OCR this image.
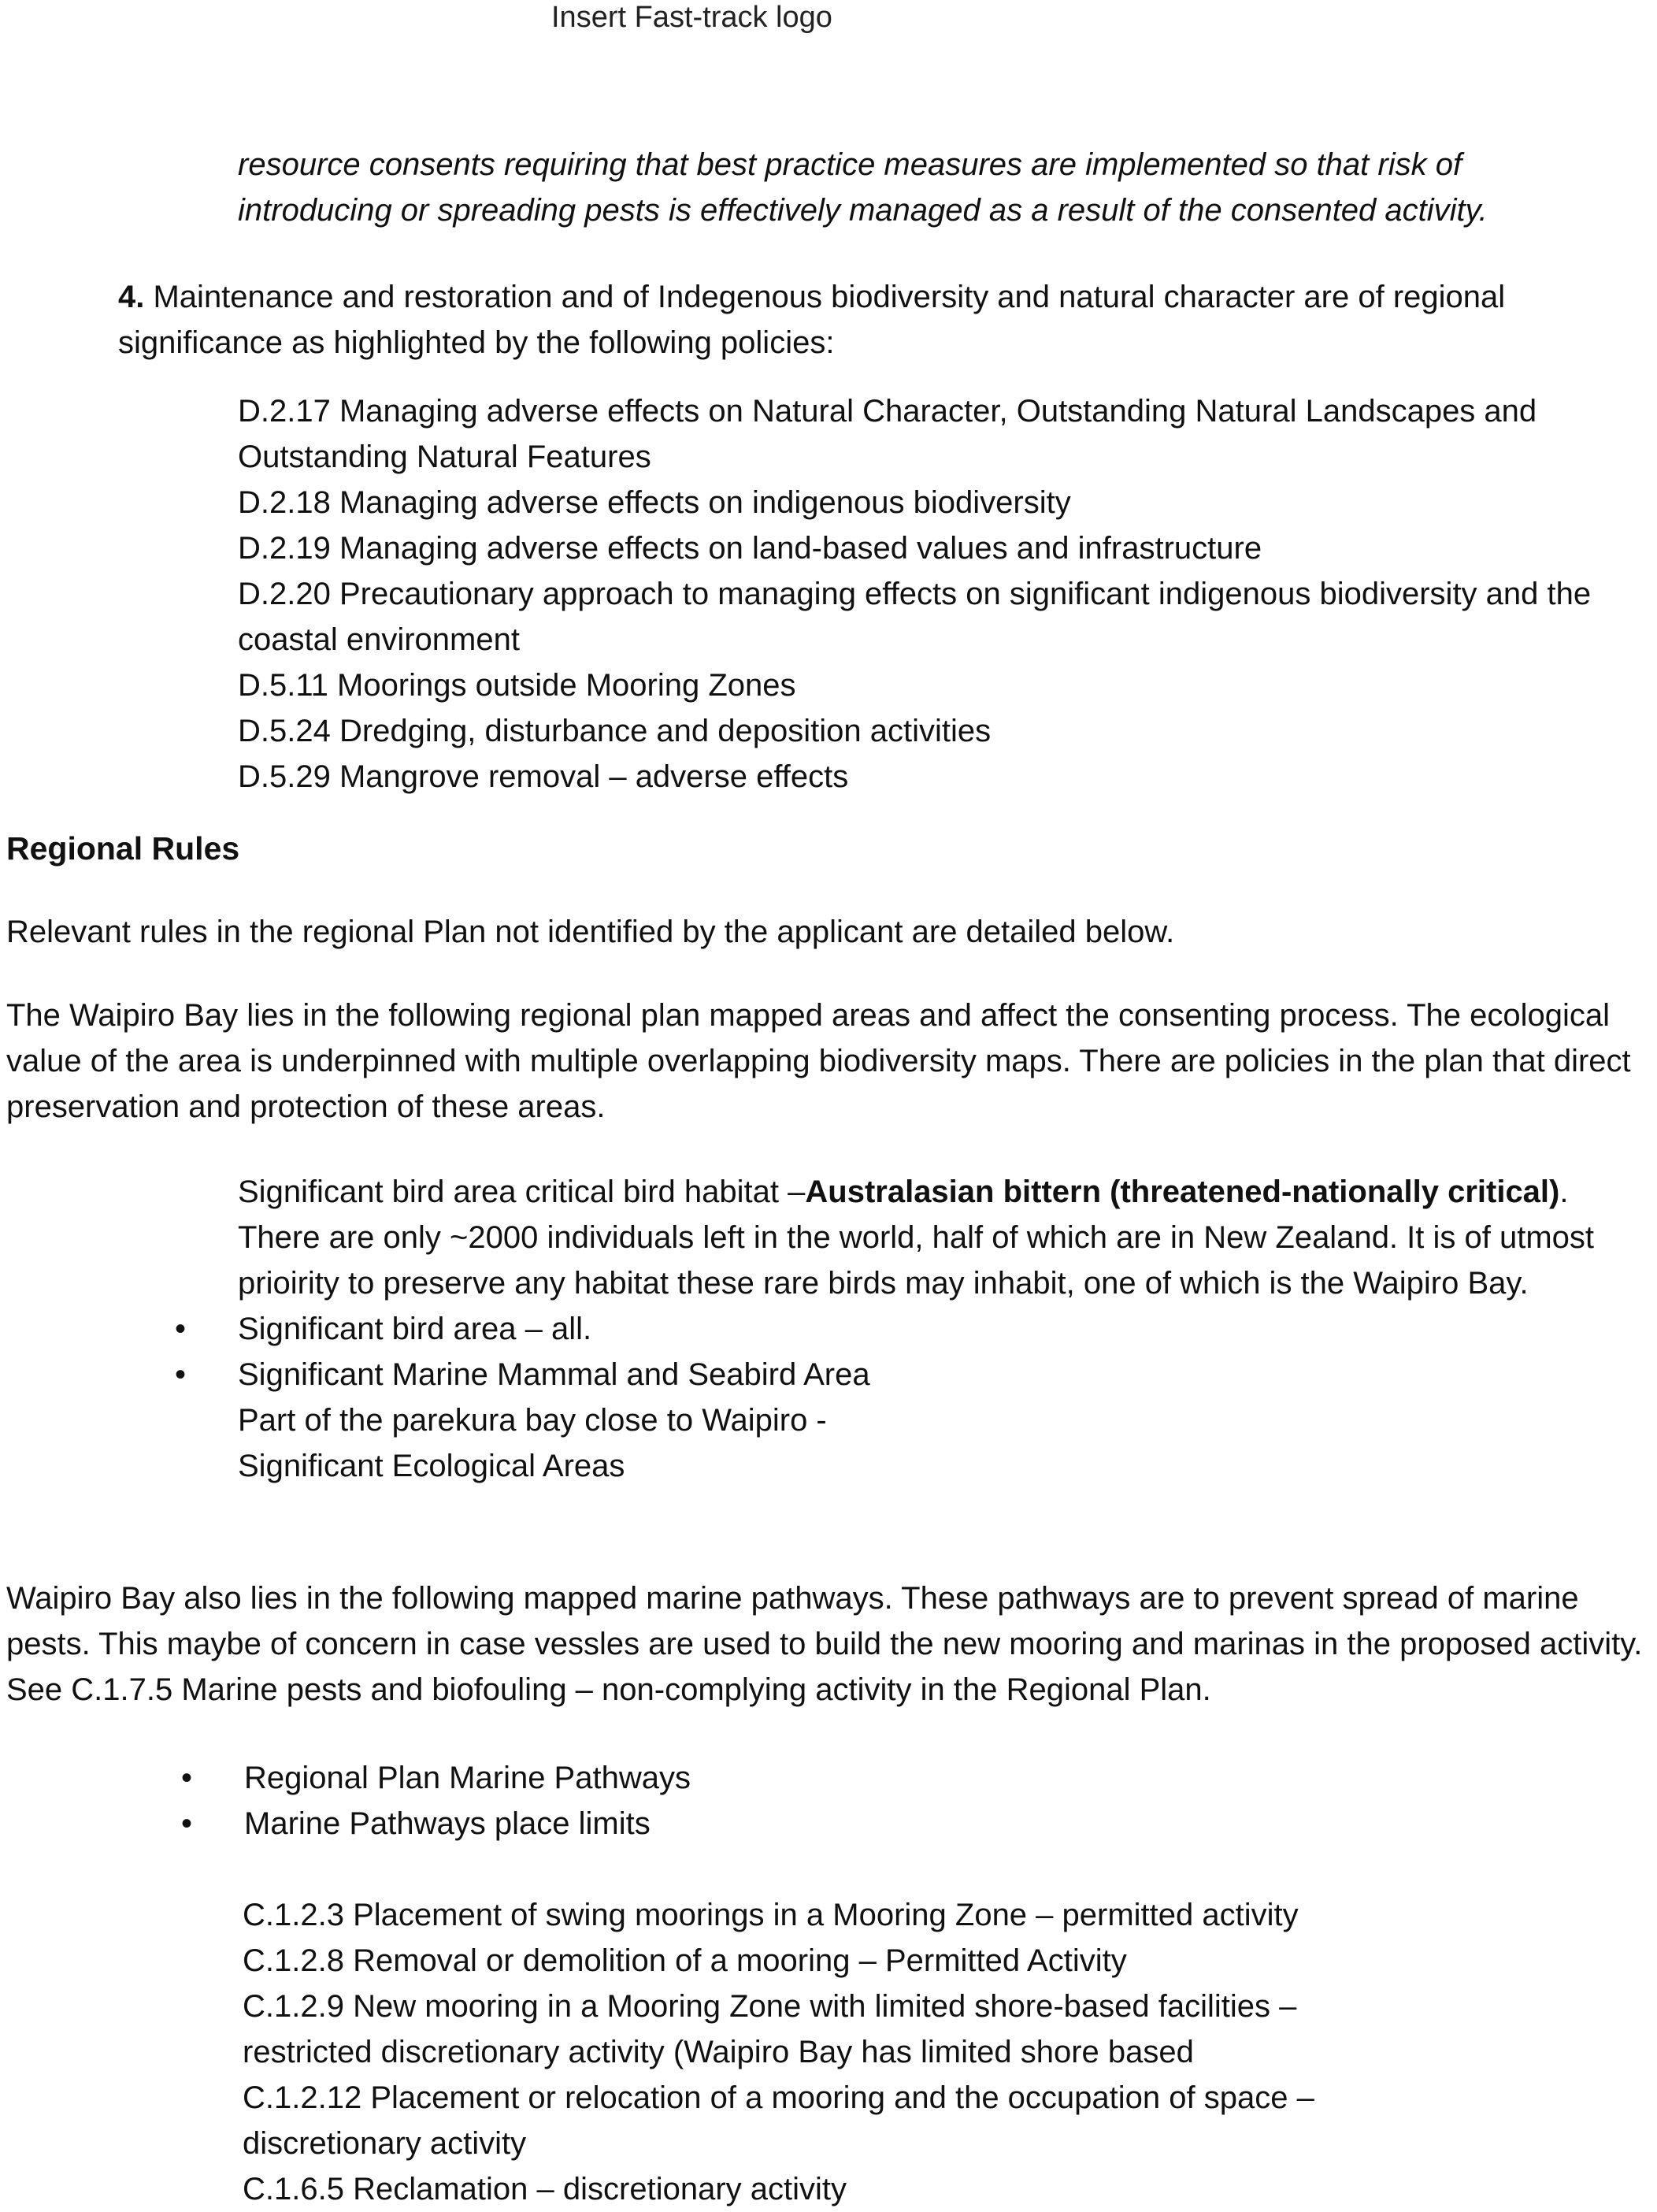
Insert Fast-track logo
resource consents requiring that best practice measures are implemented so that risk of
introducing or spreading pests is effectively managed as a result of the consented activity.
4. Maintenance and restoration and of Indegenous biodiversity and natural character are of regional significance as highlighted by the following policies:
D.2.17 Managing adverse effects on Natural Character, Outstanding Natural Landscapes and Outstanding Natural Features
D.2.18 Managing adverse effects on indigenous biodiversity
D.2.19 Managing adverse effects on land-based values and infrastructure
D.2.20 Precautionary approach to managing effects on significant indigenous biodiversity and the coastal environment
D.5.11 Moorings outside Mooring Zones
D.5.24 Dredging, disturbance and deposition activities
D.5.29 Mangrove removal – adverse effects
Regional Rules
Relevant rules in the regional Plan not identified by the applicant are detailed below.
The Waipiro Bay lies in the following regional plan mapped areas and affect the consenting process. The ecological value of the area is underpinned with multiple overlapping biodiversity maps. There are policies in the plan that direct preservation and protection of these areas.
Significant bird area critical bird habitat –Australasian bittern (threatened-nationally critical). There are only ~2000 individuals left in the world, half of which are in New Zealand. It is of utmost prioirity to preserve any habitat these rare birds may inhabit, one of which is the Waipiro Bay.
• Significant bird area – all.
• Significant Marine Mammal and Seabird Area
Part of the parekura bay close to Waipiro -
Significant Ecological Areas
Waipiro Bay also lies in the following mapped marine pathways. These pathways are to prevent spread of marine pests. This maybe of concern in case vessles are used to build the new mooring and marinas in the proposed activity. See C.1.7.5 Marine pests and biofouling – non-complying activity in the Regional Plan.
• Regional Plan Marine Pathways
• Marine Pathways place limits
C.1.2.3 Placement of swing moorings in a Mooring Zone – permitted activity
C.1.2.8 Removal or demolition of a mooring – Permitted Activity
C.1.2.9 New mooring in a Mooring Zone with limited shore-based facilities –
restricted discretionary activity (Waipiro Bay has limited shore based
C.1.2.12 Placement or relocation of a mooring and the occupation of space –
discretionary activity
C.1.6.5 Reclamation – discretionary activity
